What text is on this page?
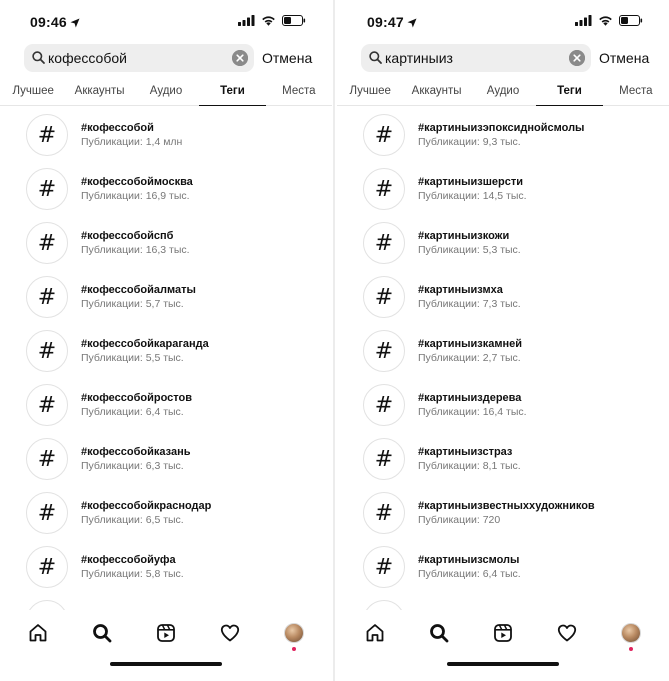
09:46
кофессобой
Отмена
Лучшее	Аккаунты	Аудио	Теги	Места
#	#кофессобой
Публикации: 1,4 млн
#	#кофессобоймосква
Публикации: 16,9 тыс.
#	#кофессобойспб
Публикации: 16,3 тыс.
#	#кофессобойалматы
Публикации: 5,7 тыс.
#	#кофессобойкараганда
Публикации: 5,5 тыс.
#	#кофессобойростов
Публикации: 6,4 тыс.
#	#кофессобойказань
Публикации: 6,3 тыс.
#	#кофессобойкраснодар
Публикации: 6,5 тыс.
#	#кофессобойуфа
Публикации: 5,8 тыс.
09:47
картиныиз
Отмена
Лучшее	Аккаунты	Аудио	Теги	Места
#	#картиныизэпоксиднойсмолы
Публикации: 9,3 тыс.
#	#картиныизшерсти
Публикации: 14,5 тыс.
#	#картиныизкожи
Публикации: 5,3 тыс.
#	#картиныизмха
Публикации: 7,3 тыс.
#	#картиныизкамней
Публикации: 2,7 тыс.
#	#картиныиздерева
Публикации: 16,4 тыс.
#	#картиныизстраз
Публикации: 8,1 тыс.
#	#картиныизвестныххудожников
Публикации: 720
#	#картиныизсмолы
Публикации: 6,4 тыс.
